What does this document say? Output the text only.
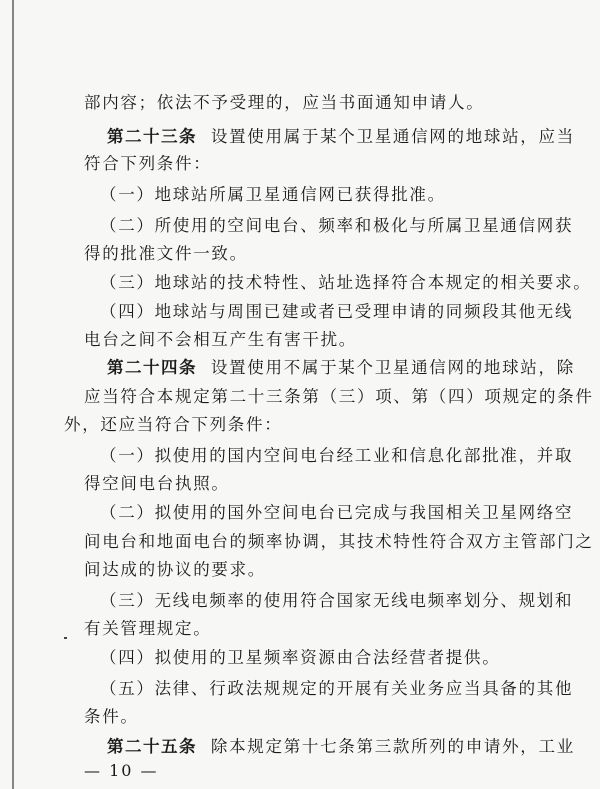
部内容；依法不予受理的，应当书面通知申请人。
第二十三条 设置使用属于某个卫星通信网的地球站，应当
符合下列条件：
（一）地球站所属卫星通信网已获得批准。
（二）所使用的空间电台、频率和极化与所属卫星通信网获
得的批准文件一致。
（三）地球站的技术特性、站址选择符合本规定的相关要求。
（四）地球站与周围已建或者已受理申请的同频段其他无线
电台之间不会相互产生有害干扰。
第二十四条 设置使用不属于某个卫星通信网的地球站，除
应当符合本规定第二十三条第（三）项、第（四）项规定的条件
外，还应当符合下列条件：
（一）拟使用的国内空间电台经工业和信息化部批准，并取
得空间电台执照。
（二）拟使用的国外空间电台已完成与我国相关卫星网络空
间电台和地面电台的频率协调，其技术特性符合双方主管部门之
间达成的协议的要求。
（三）无线电频率的使用符合国家无线电频率划分、规划和
有关管理规定。
（四）拟使用的卫星频率资源由合法经营者提供。
（五）法律、行政法规规定的开展有关业务应当具备的其他
条件。
第二十五条 除本规定第十七条第三款所列的申请外，工业
— 10 —
